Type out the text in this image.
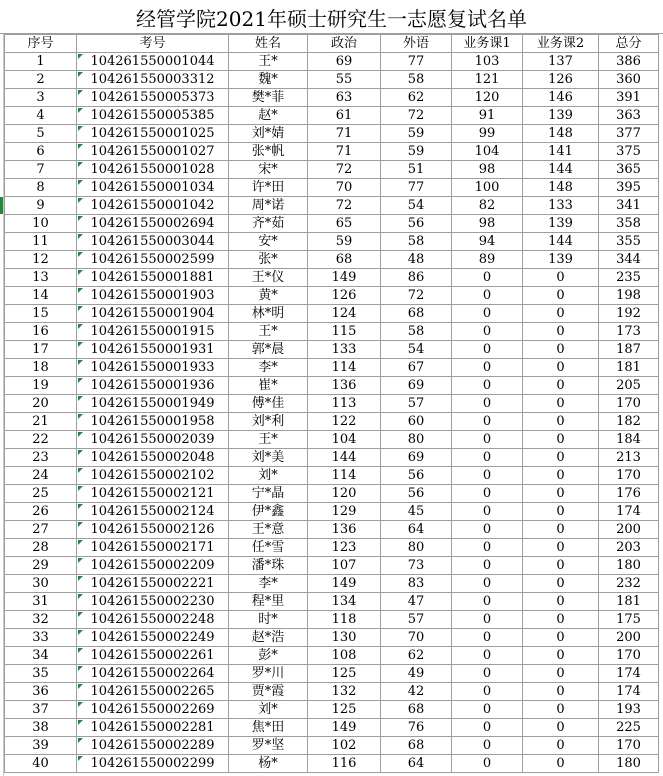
经管学院2021年硕士研究生一志愿复试名单
序号	考号	姓名	政治	外语	业务课1	业务课2	总分
1	104261550001044	王*	69	77	103	137	386
2	104261550003312	魏*	55	58	121	126	360
3	104261550005373	樊*菲	63	62	120	146	391
4	104261550005385	赵*	61	72	91	139	363
5	104261550001025	刘*婧	71	59	99	148	377
6	104261550001027	张*帆	71	59	104	141	375
7	104261550001028	宋*	72	51	98	144	365
8	104261550001034	许*田	70	77	100	148	395
9	104261550001042	周*诺	72	54	82	133	341
10	104261550002694	齐*茹	65	56	98	139	358
11	104261550003044	安*	59	58	94	144	355
12	104261550002599	张*	68	48	89	139	344
13	104261550001881	王*仪	149	86	0	0	235
14	104261550001903	黄*	126	72	0	0	198
15	104261550001904	林*明	124	68	0	0	192
16	104261550001915	王*	115	58	0	0	173
17	104261550001931	郭*晨	133	54	0	0	187
18	104261550001933	李*	114	67	0	0	181
19	104261550001936	崔*	136	69	0	0	205
20	104261550001949	傅*佳	113	57	0	0	170
21	104261550001958	刘*利	122	60	0	0	182
22	104261550002039	王*	104	80	0	0	184
23	104261550002048	刘*美	144	69	0	0	213
24	104261550002102	刘*	114	56	0	0	170
25	104261550002121	宁*晶	120	56	0	0	176
26	104261550002124	伊*鑫	129	45	0	0	174
27	104261550002126	王*意	136	64	0	0	200
28	104261550002171	任*雪	123	80	0	0	203
29	104261550002209	潘*珠	107	73	0	0	180
30	104261550002221	李*	149	83	0	0	232
31	104261550002230	程*里	134	47	0	0	181
32	104261550002248	时*	118	57	0	0	175
33	104261550002249	赵*浩	130	70	0	0	200
34	104261550002261	彭*	108	62	0	0	170
35	104261550002264	罗*川	125	49	0	0	174
36	104261550002265	贾*霞	132	42	0	0	174
37	104261550002269	刘*	125	68	0	0	193
38	104261550002281	焦*田	149	76	0	0	225
39	104261550002289	罗*坚	102	68	0	0	170
40	104261550002299	杨*	116	64	0	0	180
